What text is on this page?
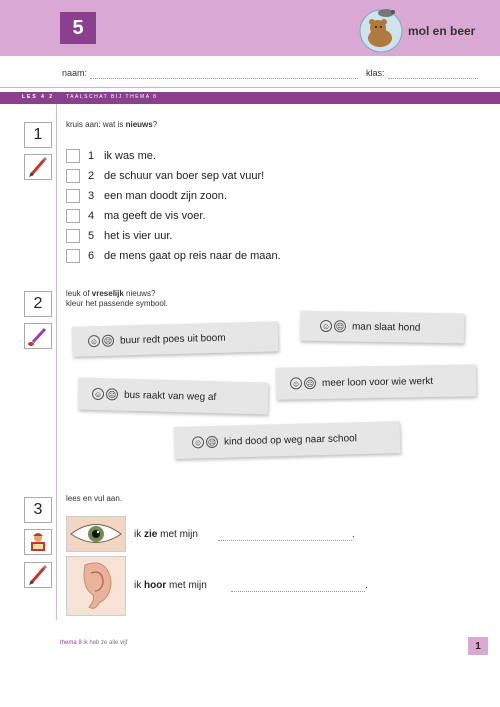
5	mol en beer
naam:	klas:
LES 4 2 TAALSCHAT BIJ THEMA 8
1
kruis aan: wat is nieuws?
1 ik was me.
2 de schuur van boer sep vat vuur!
3 een man doodt zijn zoon.
4 ma geeft de vis voer.
5 het is vier uur.
6 de mens gaat op reis naar de maan.
2
leuk of vreselijk nieuws?
kleur het passende symbool.
☺ ☹ buur redt poes uit boom
☺ ☹ man slaat hond
☺ ☹ bus raakt van weg af
☺ ☹ meer loon voor wie werkt
☺ ☹ kind dood op weg naar school
3
lees en vul aan.
ik zie met mijn	.
ik hoor met mijn	.
thema 8 ik heb ze alle vijf	1
